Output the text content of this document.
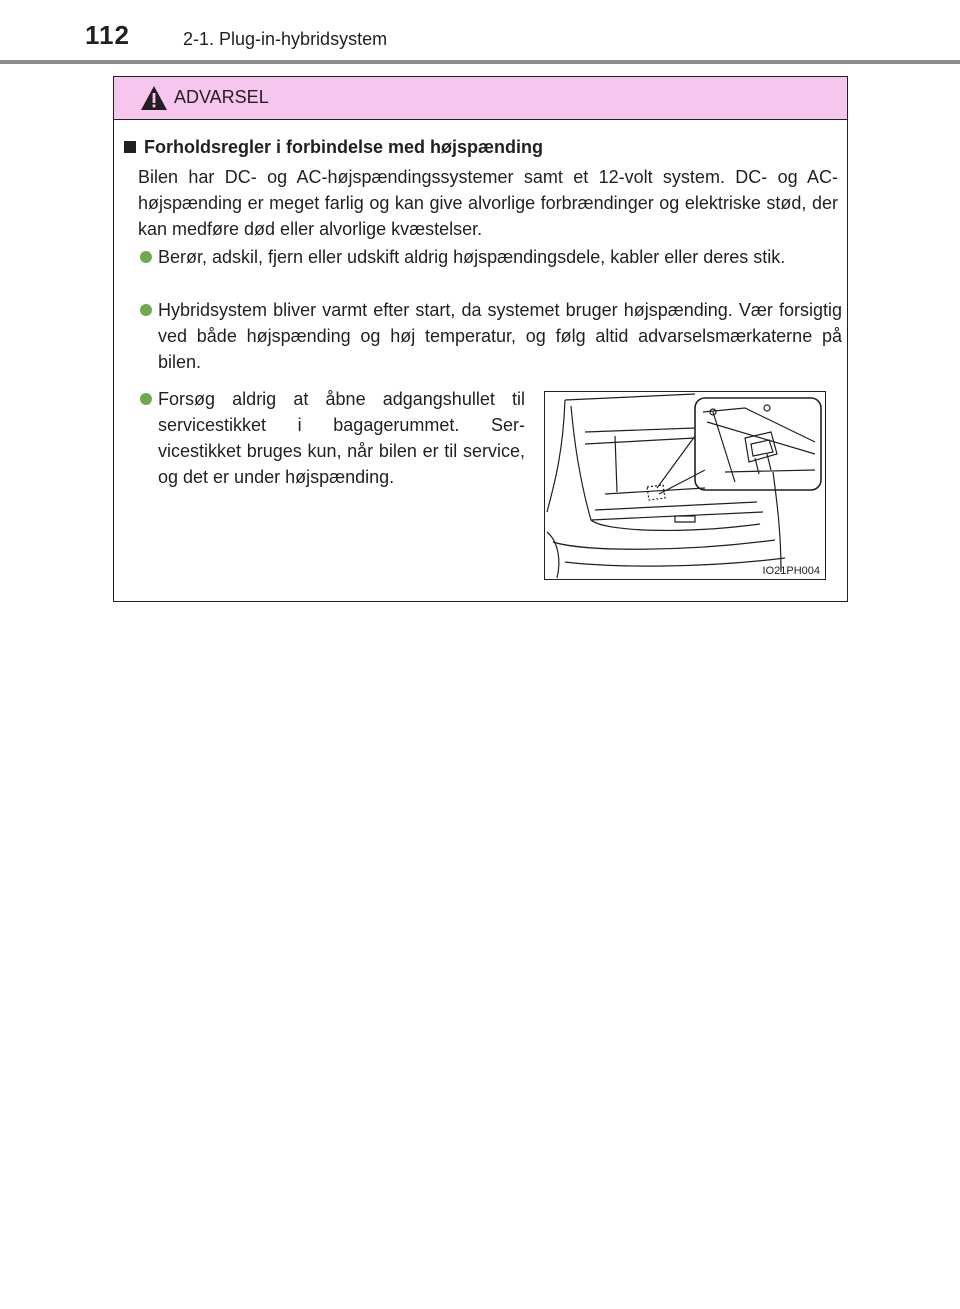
112	2-1. Plug-in-hybridsystem
ADVARSEL
Forholdsregler i forbindelse med højspænding
Bilen har DC- og AC-højspændingssystemer samt et 12-volt system. DC- og AC-højspænding er meget farlig og kan give alvorlige forbrændinger og elektriske stød, der kan medføre død eller alvorlige kvæstelser.
Berør, adskil, fjern eller udskift aldrig højspændingsdele, kabler eller deres stik.
Hybridsystem bliver varmt efter start, da systemet bruger højspænding. Vær forsigtig ved både højspænding og høj temperatur, og følg altid advarselsmærkaterne på bilen.
Forsøg aldrig at åbne adgangshullet til servicestikket i bagagerummet. Ser-vicestikket bruges kun, når bilen er til service, og det er under højspænding.
IO21PH004
